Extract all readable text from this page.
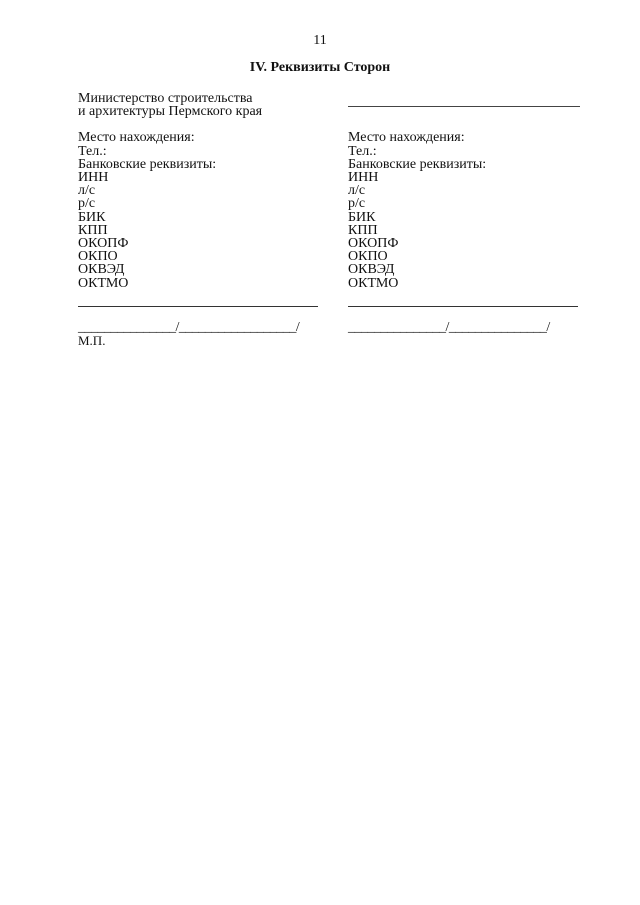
11
IV. Реквизиты Сторон
Министерство строительства
и архитектуры Пермского края
Место нахождения:
Тел.:
Банковские реквизиты:
ИНН
л/с
р/с
БИК
КПП
ОКОПФ
ОКПО
ОКВЭД
ОКТМО

Место нахождения:
Тел.:
Банковские реквизиты:
ИНН
л/с
р/с
БИК
КПП
ОКОПФ
ОКПО
ОКВЭД
ОКТМО
_______________/__________________/	_______________/_______________/
М.П.
